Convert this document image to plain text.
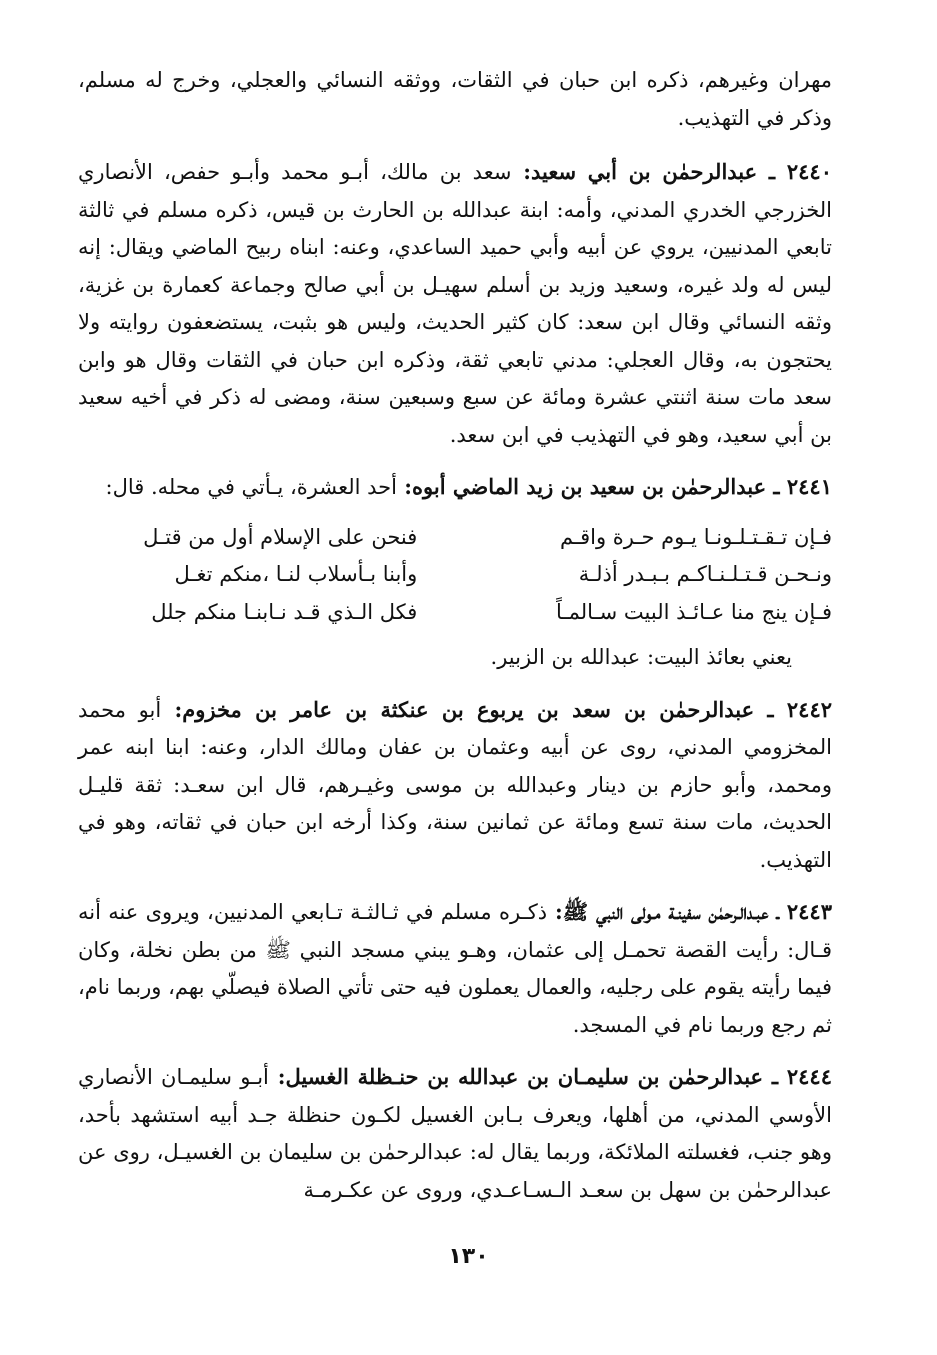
مهران وغيرهم، ذكره ابن حبان في الثقات، ووثقه النسائي والعجلي، وخرج له مسلم، وذكر في التهذيب.

٢٤٤٠ ـ عبدالرحمٰن بن أبي سعيد: سعد بن مالك، أبـو محمد وأبـو حفص، الأنصاري الخزرجي الخدري المدني، وأمه: ابنة عبدالله بن الحارث بن قيس، ذكره مسلم في ثالثة تابعي المدنيين، يروي عن أبيه وأبي حميد الساعدي، وعنه: ابناه ربيح الماضي ويقال: إنه ليس له ولد غيره، وسعيد وزيد بن أسلم سهيـل بن أبي صالح وجماعة كعمارة بن غزية، وثقه النسائي وقال ابن سعد: كان كثير الحديث، وليس هو بثبت، يستضعفون روايته ولا يحتجون به، وقال العجلي: مدني تابعي ثقة، وذكره ابن حبان في الثقات وقال هو وابن سعد مات سنة اثنتي عشرة ومائة عن سبع وسبعين سنة، ومضى له ذكر في أخيه سعيد بن أبي سعيد، وهو في التهذيب في ابن سعد.

٢٤٤١ ـ عبدالرحمٰن بن سعيد بن زيد الماضي أبوه: أحد العشرة، يـأتي في محله. قال:

فـإن تـقـتـلـونـا يـوم حـرة واقـم
فنحن على الإسلام أول من قتـل
ونـحـن قـتـلـنـاكـم بـبـدر أذلـة
وأبنا بـأسلاب لنـا ،منكم تغـل
فـإن ينج منا عـائـذ البيت سـالمـاً
فكل الـذي قـد نـابنـا منكم جلل

يعني بعائذ البيت: عبدالله بن الزبير.

٢٤٤٢ ـ عبدالرحمٰن بن سعد بن يربوع بن عنكثة بن عامر بن مخزوم: أبو محمد المخزومي المدني، روى عن أبيه وعثمان بن عفان ومالك الدار، وعنه: ابنا ابنه عمر ومحمد، وأبو حازم بن دينار وعبدالله بن موسى وغيـرهم، قال ابن سعـد: ثقة قليـل الحديث، مات سنة تسع ومائة عن ثمانين سنة، وكذا أرخه ابن حبان في ثقاته، وهو في التهذيب.

٢٤٤٣ ـ عبـدالـرحمٰن سفينـة مـولى النبي ﷺ: ذكـره مسلم في ثـالثـة تـابعي المدنيين، ويروى عنه أنه قـال: رأيت القصة تحمـل إلى عثمان، وهـو يبني مسجد النبي ﷺ من بطن نخلة، وكان فيما رأيته يقوم على رجليه، والعمال يعملون فيه حتى تأتي الصلاة فيصلّي بهم، وربما نام، ثم رجع وربما نام في المسجد.

٢٤٤٤ ـ عبدالرحمٰن بن سليمـان بن عبدالله بن حنـظلة الغسيل: أبـو سليمـان الأنصاري الأوسي المدني، من أهلها، ويعرف بـابن الغسيل لكـون حنظلة جـد أبيه استشهد بأحد، وهو جنب، فغسلته الملائكة، وربما يقال له: عبدالرحمٰن بن سليمان بن الغسيـل، روى عن عبدالرحمٰن بن سهل بن سعـد الـسـاعـدي، وروى عن عكـرمـة

١٣٠
